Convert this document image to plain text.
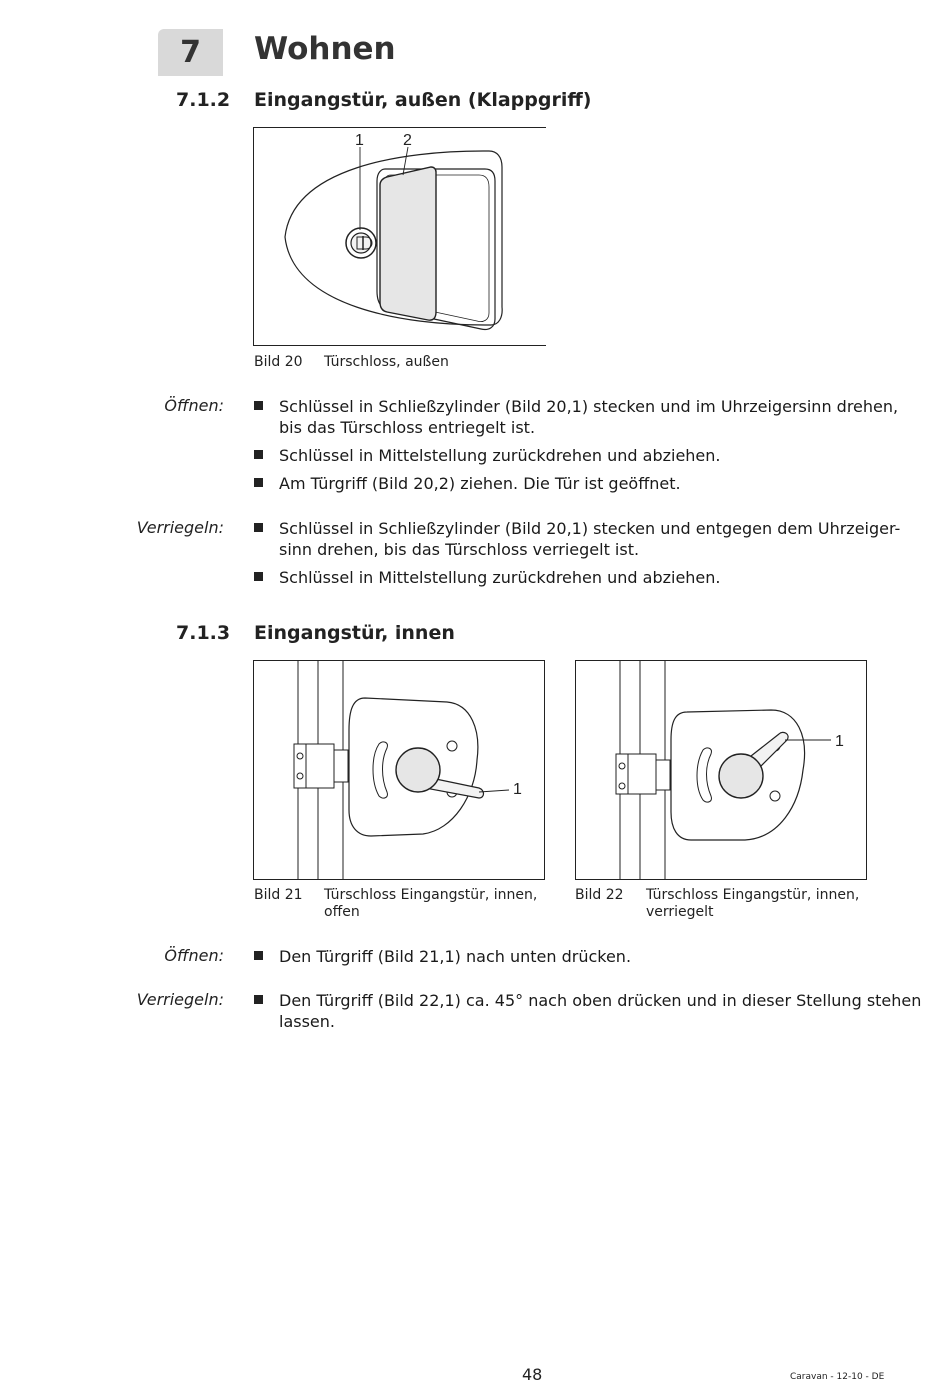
7	Wohnen
7.1.2 Eingangstür, außen (Klappgriff)
1 2
Bild 20 Türschloss, außen
Öffnen:	Schlüssel in Schließzylinder (Bild 20,1) stecken und im Uhrzeigersinn drehen,
bis das Türschloss entriegelt ist.
Schlüssel in Mittelstellung zurückdrehen und abziehen.
Am Türgriff (Bild 20,2) ziehen. Die Tür ist geöffnet.
Verriegeln:	Schlüssel in Schließzylinder (Bild 20,1) stecken und entgegen dem Uhrzeiger-
sinn drehen, bis das Türschloss verriegelt ist.
Schlüssel in Mittelstellung zurückdrehen und abziehen.
7.1.3 Eingangstür, innen
1
Bild 21 Türschloss Eingangstür, innen,
offen
1
Bild 22 Türschloss Eingangstür, innen,
verriegelt
Öffnen:	Den Türgriff (Bild 21,1) nach unten drücken.
Verriegeln:	Den Türgriff (Bild 22,1) ca. 45° nach oben drücken und in dieser Stellung stehen
lassen.
48	Caravan - 12-10 - DE
